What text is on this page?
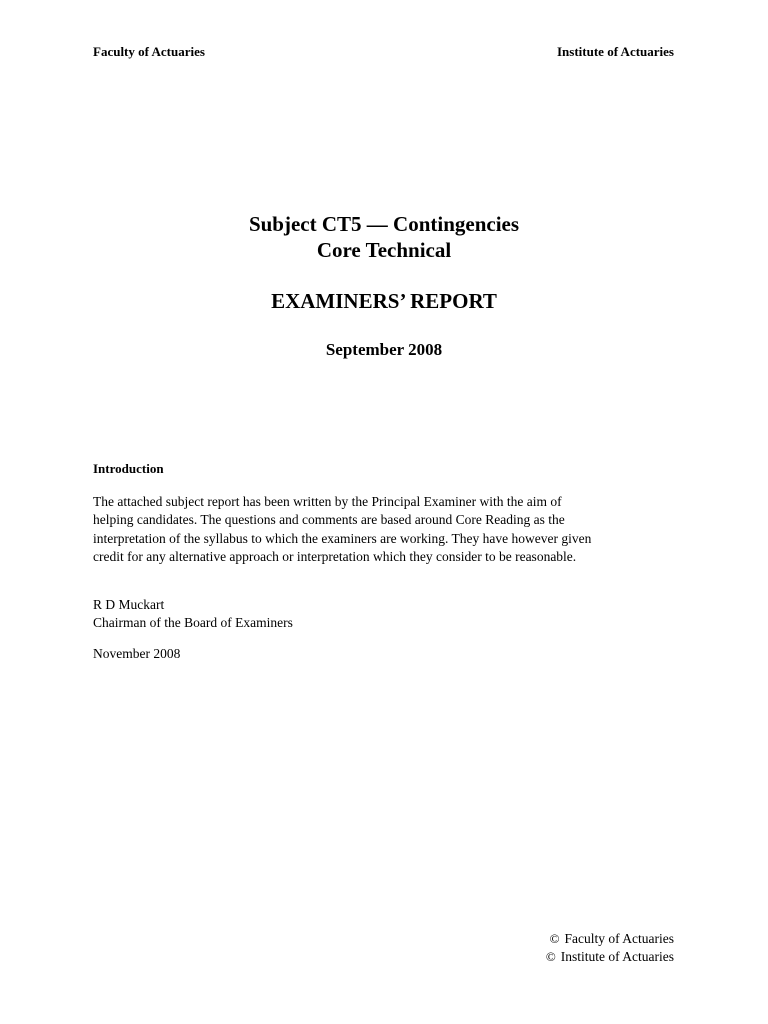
Faculty of Actuaries	Institute of Actuaries
Subject CT5 — Contingencies
Core Technical
EXAMINERS’ REPORT
September 2008
Introduction
The attached subject report has been written by the Principal Examiner with the aim of
helping candidates. The questions and comments are based around Core Reading as the
interpretation of the syllabus to which the examiners are working. They have however given
credit for any alternative approach or interpretation which they consider to be reasonable.
R D Muckart
Chairman of the Board of Examiners
November 2008
© Faculty of Actuaries
© Institute of Actuaries
